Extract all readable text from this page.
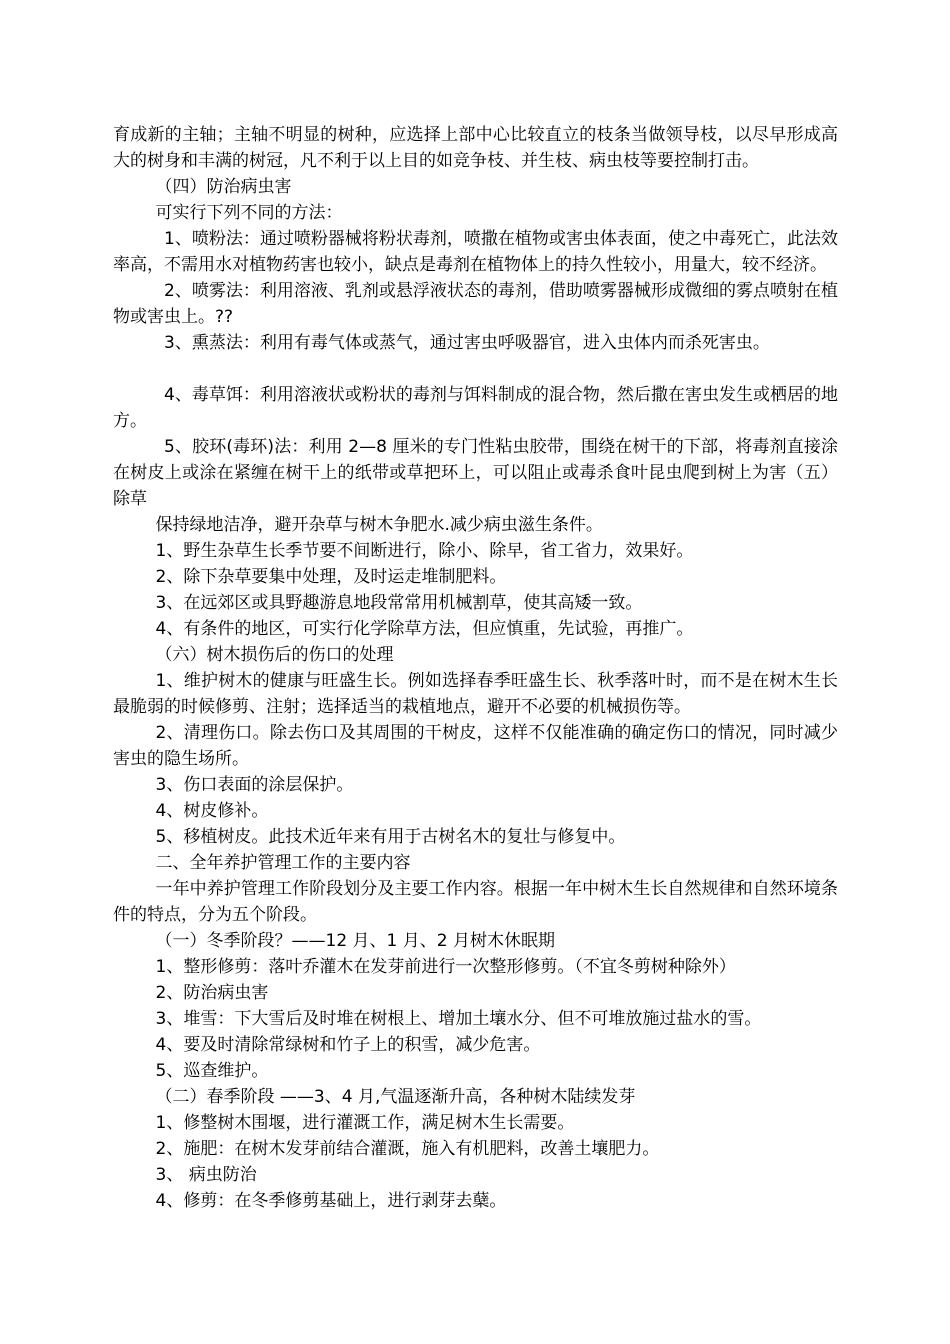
育成新的主轴；主轴不明显的树种，应选择上部中心比较直立的枝条当做领导枝，以尽早形成高大的树身和丰满的树冠，凡不利于以上目的如竞争枝、并生枝、病虫枝等要控制打击。

（四）防治病虫害

可实行下列不同的方法：

1、喷粉法：通过喷粉器械将粉状毒剂，喷撒在植物或害虫体表面，使之中毒死亡，此法效率高，不需用水对植物药害也较小，缺点是毒剂在植物体上的持久性较小，用量大，较不经济。

2、喷雾法：利用溶液、乳剂或悬浮液状态的毒剂，借助喷雾器械形成微细的雾点喷射在植物或害虫上。??

3、熏蒸法：利用有毒气体或蒸气，通过害虫呼吸器官，进入虫体内而杀死害虫。

4、毒草饵：利用溶液状或粉状的毒剂与饵料制成的混合物，然后撒在害虫发生或栖居的地方。

5、胶环(毒环)法：利用 2—8 厘米的专门性粘虫胶带，围绕在树干的下部，将毒剂直接涂在树皮上或涂在紧缠在树干上的纸带或草把环上，可以阻止或毒杀食叶昆虫爬到树上为害（五）除草

保持绿地洁净，避开杂草与树木争肥水.减少病虫滋生条件。

1、野生杂草生长季节要不间断进行，除小、除早，省工省力，效果好。

2、除下杂草要集中处理，及时运走堆制肥料。

3、在远郊区或具野趣游息地段常常用机械割草，使其高矮一致。

4、有条件的地区，可实行化学除草方法，但应慎重，先试验，再推广。

（六）树木损伤后的伤口的处理

1、维护树木的健康与旺盛生长。例如选择春季旺盛生长、秋季落叶时，而不是在树木生长最脆弱的时候修剪、注射；选择适当的栽植地点，避开不必要的机械损伤等。

2、清理伤口。除去伤口及其周围的干树皮，这样不仅能准确的确定伤口的情况，同时减少害虫的隐生场所。

3、伤口表面的涂层保护。

4、树皮修补。

5、移植树皮。此技术近年来有用于古树名木的复壮与修复中。

二、全年养护管理工作的主要内容

一年中养护管理工作阶段划分及主要工作内容。根据一年中树木生长自然规律和自然环境条件的特点，分为五个阶段。

（一）冬季阶段？——12 月、1 月、2 月树木休眠期

1、整形修剪：落叶乔灌木在发芽前进行一次整形修剪。（不宜冬剪树种除外）

2、防治病虫害

3、堆雪：下大雪后及时堆在树根上、增加土壤水分、但不可堆放施过盐水的雪。

4、要及时清除常绿树和竹子上的积雪，减少危害。

5、巡查维护。

（二）春季阶段 ——3、4 月,气温逐渐升高，各种树木陆续发芽

1、修整树木围堰，进行灌溉工作，满足树木生长需要。

2、施肥：在树木发芽前结合灌溉，施入有机肥料，改善土壤肥力。

3、 病虫防治

4、修剪：在冬季修剪基础上，进行剥芽去蘖。
